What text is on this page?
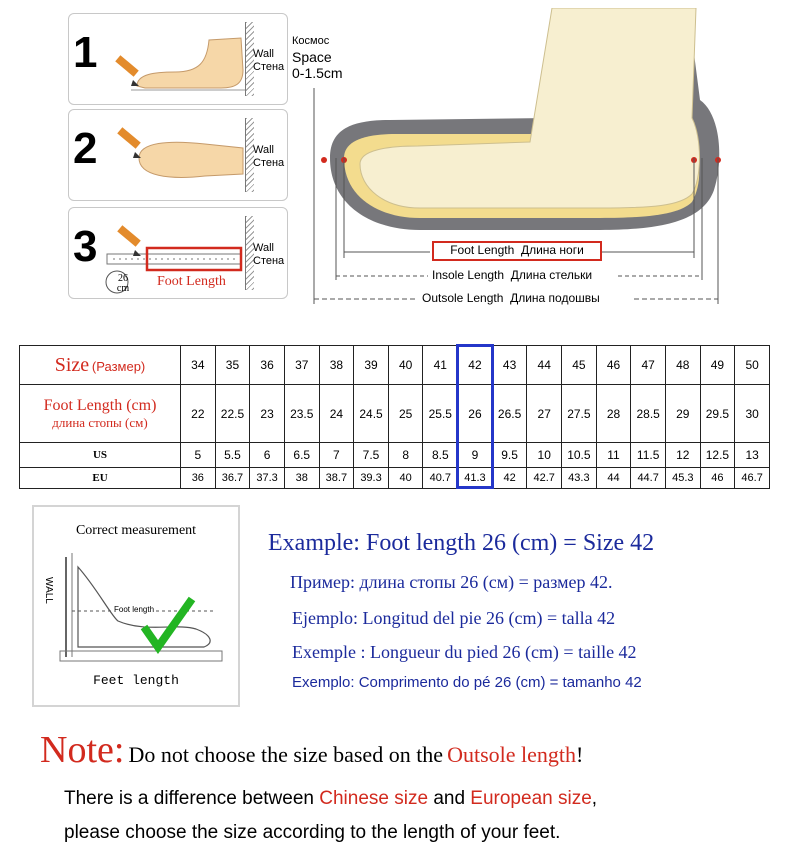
1	Wall
Стена
2	Wall
Стена
3
26
cm	Foot Length
Wall
Стена
Космос
Space
0-1.5cm
Foot Length Длина ноги
Insole Length Длина стельки
Outsole Length Длина подошвы
Size (Размер)	34	35	36	37	38	39	40	41	42	43	44	45	46	47	48	49	50

Foot Length (cm)
длина стопы (см)	22	22.5	23	23.5	24	24.5	25	25.5	26	26.5	27	27.5	28	28.5	29	29.5	30
US	5	5.5	6	6.5	7	7.5	8	8.5	9	9.5	10	10.5	11	11.5	12	12.5	13
EU	36	36.7	37.3	38	38.7	39.3	40	40.7	41.3	42	42.7	43.3	44	44.7	45.3	46	46.7
Correct measurement
WALL
Foot length
Feet length
Example: Foot length 26 (cm) = Size 42
Пример: длина стопы 26 (см) = размер 42.
Ejemplo: Longitud del pie 26 (cm) = talla 42
Exemple : Longueur du pied 26 (cm) = taille 42
Exemplo: Comprimento do pé 26 (cm) = tamanho 42
Note: Do not choose the size based on the Outsole length!
There is a difference between Chinese size and European size,
please choose the size according to the length of your feet.
